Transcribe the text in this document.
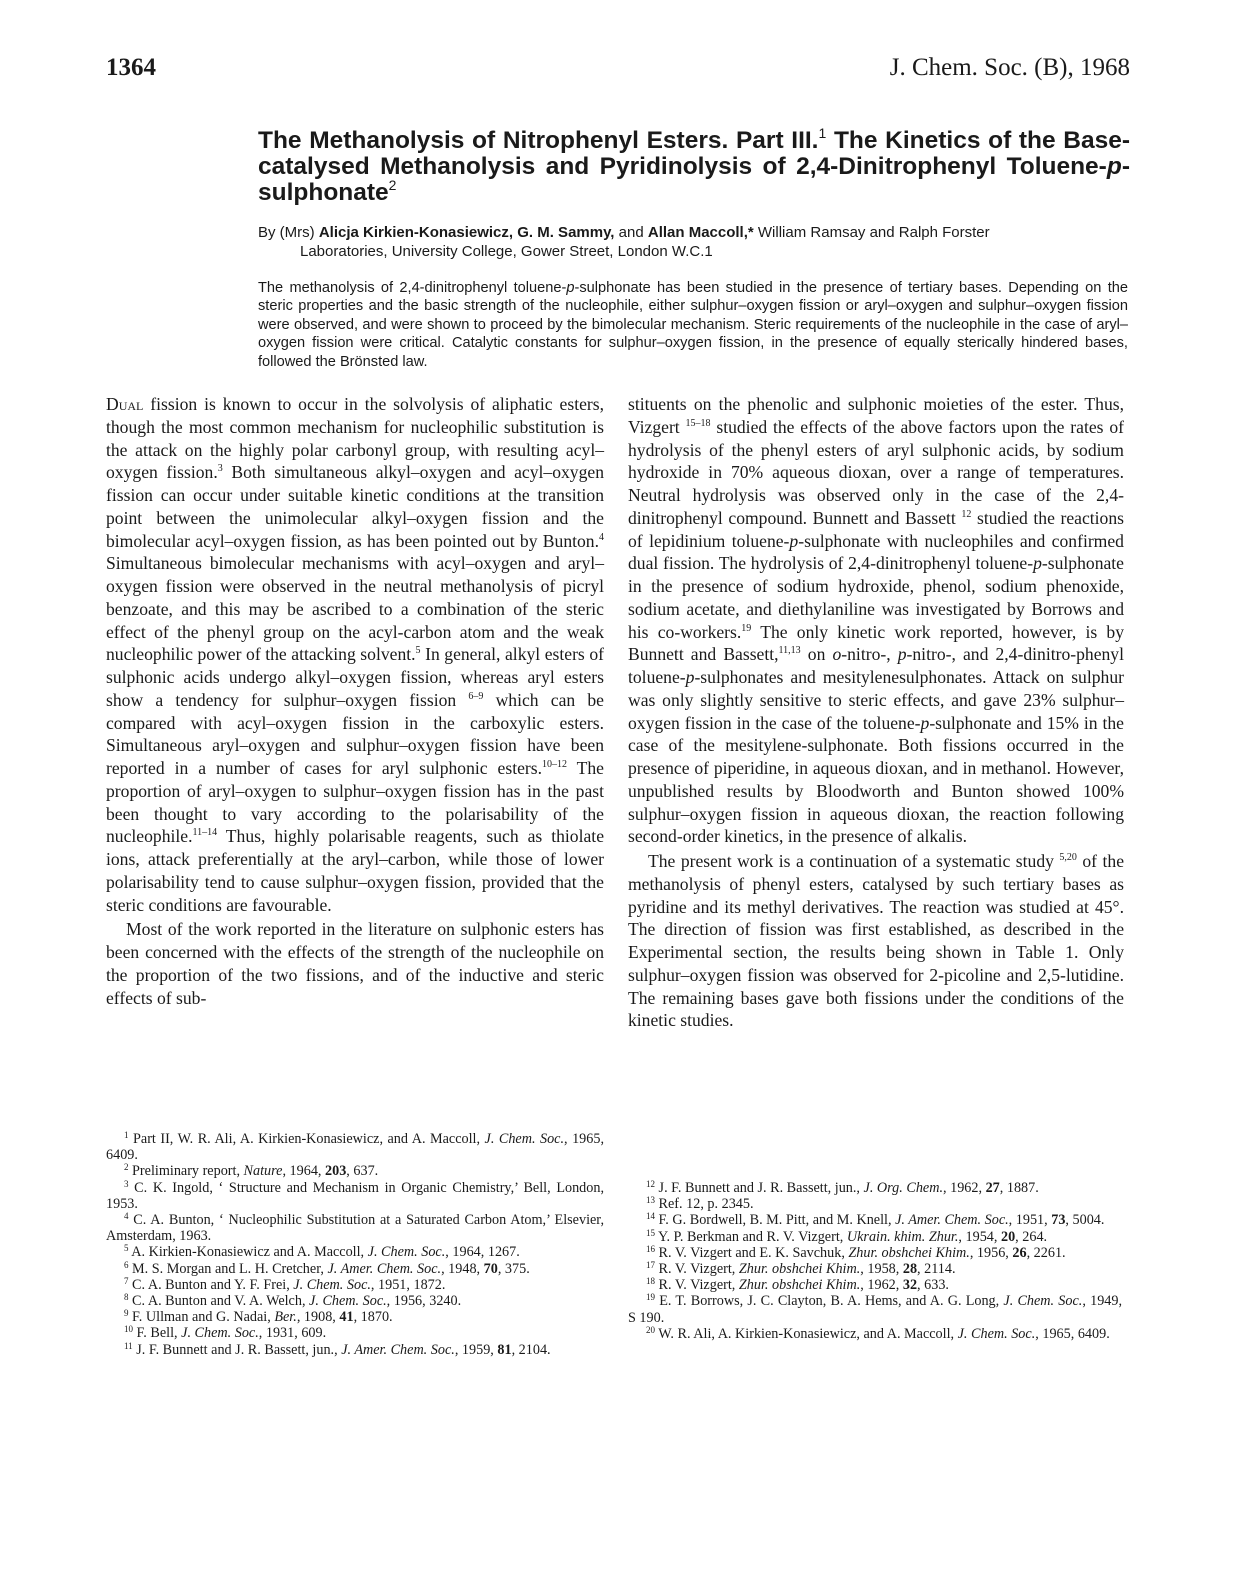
1364	J. Chem. Soc. (B), 1968
The Methanolysis of Nitrophenyl Esters. Part III.$^1$ The Kinetics of the Base-catalysed Methanolysis and Pyridinolysis of 2,4-Dinitrophenyl Toluene-p-sulphonate$^2$
By (Mrs) Alicja Kirkien-Konasiewicz, G. M. Sammy, and Allan Maccoll,* William Ramsay and Ralph Forster
Laboratories, University College, Gower Street, London W.C.1
The methanolysis of 2,4-dinitrophenyl toluene-p-sulphonate has been studied in the presence of tertiary bases. Depending on the steric properties and the basic strength of the nucleophile, either sulphur–oxygen fission or aryl–oxygen and sulphur–oxygen fission were observed, and were shown to proceed by the bimolecular mechanism. Steric requirements of the nucleophile in the case of aryl–oxygen fission were critical. Catalytic constants for sulphur–oxygen fission, in the presence of equally sterically hindered bases, followed the Brönsted law.

Dual fission is known to occur in the solvolysis of aliphatic esters, though the most common mechanism for nucleophilic substitution is the attack on the highly polar carbonyl group, with resulting acyl–oxygen fission.$^3$ Both simultaneous alkyl–oxygen and acyl–oxygen fission can occur under suitable kinetic conditions at the transition point between the unimolecular alkyl–oxygen fission and the bimolecular acyl–oxygen fission, as has been pointed out by Bunton.$^4$ Simultaneous bimolecular mechanisms with acyl–oxygen and aryl–oxygen fission were observed in the neutral methanolysis of picryl benzoate, and this may be ascribed to a combination of the steric effect of the phenyl group on the acyl-carbon atom and the weak nucleophilic power of the attacking solvent.$^5$ In general, alkyl esters of sulphonic acids undergo alkyl–oxygen fission, whereas aryl esters show a tendency for sulphur–oxygen fission $^{6-9}$ which can be compared with acyl–oxygen fission in the carboxylic esters. Simultaneous aryl–oxygen and sulphur–oxygen fission have been reported in a number of cases for aryl sulphonic esters.$^{10-12}$ The proportion of aryl–oxygen to sulphur–oxygen fission has in the past been thought to vary according to the polarisability of the nucleophile.$^{11-14}$ Thus, highly polarisable reagents, such as thiolate ions, attack preferentially at the aryl–carbon, while those of lower polarisability tend to cause sulphur–oxygen fission, provided that the steric conditions are favourable.

Most of the work reported in the literature on sulphonic esters has been concerned with the effects of the strength of the nucleophile on the proportion of the two fissions, and of the inductive and steric effects of sub-

stituents on the phenolic and sulphonic moieties of the ester. Thus, Vizgert $^{15-18}$ studied the effects of the above factors upon the rates of hydrolysis of the phenyl esters of aryl sulphonic acids, by sodium hydroxide in 70% aqueous dioxan, over a range of temperatures. Neutral hydrolysis was observed only in the case of the 2,4-dinitrophenyl compound. Bunnett and Bassett $^{12}$ studied the reactions of lepidinium toluene-p-sulphonate with nucleophiles and confirmed dual fission. The hydrolysis of 2,4-dinitrophenyl toluene-p-sulphonate in the presence of sodium hydroxide, phenol, sodium phenoxide, sodium acetate, and diethylaniline was investigated by Borrows and his co-workers.$^{19}$ The only kinetic work reported, however, is by Bunnett and Bassett,$^{11,13}$ on o-nitro-, p-nitro-, and 2,4-dinitro-phenyl toluene-p-sulphonates and mesitylenesulphonates. Attack on sulphur was only slightly sensitive to steric effects, and gave 23% sulphur–oxygen fission in the case of the toluene-p-sulphonate and 15% in the case of the mesitylene-sulphonate. Both fissions occurred in the presence of piperidine, in aqueous dioxan, and in methanol. However, unpublished results by Bloodworth and Bunton showed 100% sulphur–oxygen fission in aqueous dioxan, the reaction following second-order kinetics, in the presence of alkalis.

The present work is a continuation of a systematic study $^{5,20}$ of the methanolysis of phenyl esters, catalysed by such tertiary bases as pyridine and its methyl derivatives. The reaction was studied at 45°. The direction of fission was first established, as described in the Experimental section, the results being shown in Table 1. Only sulphur–oxygen fission was observed for 2-picoline and 2,5-lutidine. The remaining bases gave both fissions under the conditions of the kinetic studies.

$^1$ Part II, W. R. Ali, A. Kirkien-Konasiewicz, and A. Maccoll, J. Chem. Soc., 1965, 6409.

$^2$ Preliminary report, Nature, 1964, 203, 637.

$^3$ C. K. Ingold, ‘ Structure and Mechanism in Organic Chemistry,’ Bell, London, 1953.

$^4$ C. A. Bunton, ‘ Nucleophilic Substitution at a Saturated Carbon Atom,’ Elsevier, Amsterdam, 1963.

$^5$ A. Kirkien-Konasiewicz and A. Maccoll, J. Chem. Soc., 1964, 1267.

$^6$ M. S. Morgan and L. H. Cretcher, J. Amer. Chem. Soc., 1948, 70, 375.

$^7$ C. A. Bunton and Y. F. Frei, J. Chem. Soc., 1951, 1872.

$^8$ C. A. Bunton and V. A. Welch, J. Chem. Soc., 1956, 3240.

$^9$ F. Ullman and G. Nadai, Ber., 1908, 41, 1870.

$^{10}$ F. Bell, J. Chem. Soc., 1931, 609.

$^{11}$ J. F. Bunnett and J. R. Bassett, jun., J. Amer. Chem. Soc., 1959, 81, 2104.

$^{12}$ J. F. Bunnett and J. R. Bassett, jun., J. Org. Chem., 1962, 27, 1887.

$^{13}$ Ref. 12, p. 2345.

$^{14}$ F. G. Bordwell, B. M. Pitt, and M. Knell, J. Amer. Chem. Soc., 1951, 73, 5004.

$^{15}$ Y. P. Berkman and R. V. Vizgert, Ukrain. khim. Zhur., 1954, 20, 264.

$^{16}$ R. V. Vizgert and E. K. Savchuk, Zhur. obshchei Khim., 1956, 26, 2261.

$^{17}$ R. V. Vizgert, Zhur. obshchei Khim., 1958, 28, 2114.

$^{18}$ R. V. Vizgert, Zhur. obshchei Khim., 1962, 32, 633.

$^{19}$ E. T. Borrows, J. C. Clayton, B. A. Hems, and A. G. Long, J. Chem. Soc., 1949, S 190.

$^{20}$ W. R. Ali, A. Kirkien-Konasiewicz, and A. Maccoll, J. Chem. Soc., 1965, 6409.
